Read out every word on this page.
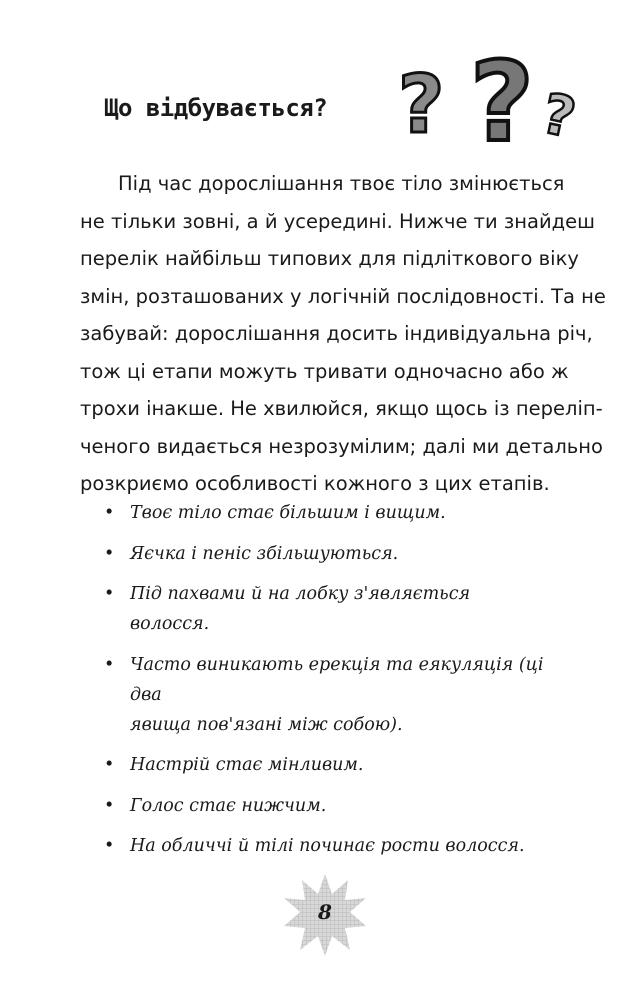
Що відбувається? ? ? ?
Під час дорослішання твоє тіло змінюється
не тільки зовні, а й усередині. Нижче ти знайдеш
перелік найбільш типових для підліткового віку
змін, розташованих у логічній послідовності. Та не
забувай: дорослішання досить індивідуальна річ,
тож ці етапи можуть тривати одночасно або ж
трохи інакше. Не хвилюйся, якщо щось із переліп-
ченого видається незрозумілим; далі ми детально
розкриємо особливості кожного з цих етапів.
• Твоє тіло стає більшим і вищим.
• Яєчка і пеніс збільшуються.
• Під пахвами й на лобку з'являється волосся.
• Часто виникають ерекція та еякуляція (ці два
явища пов'язані між собою).
• Настрій стає мінливим.
• Голос стає нижчим.
• На обличчі й тілі починає рости волосся.
8
